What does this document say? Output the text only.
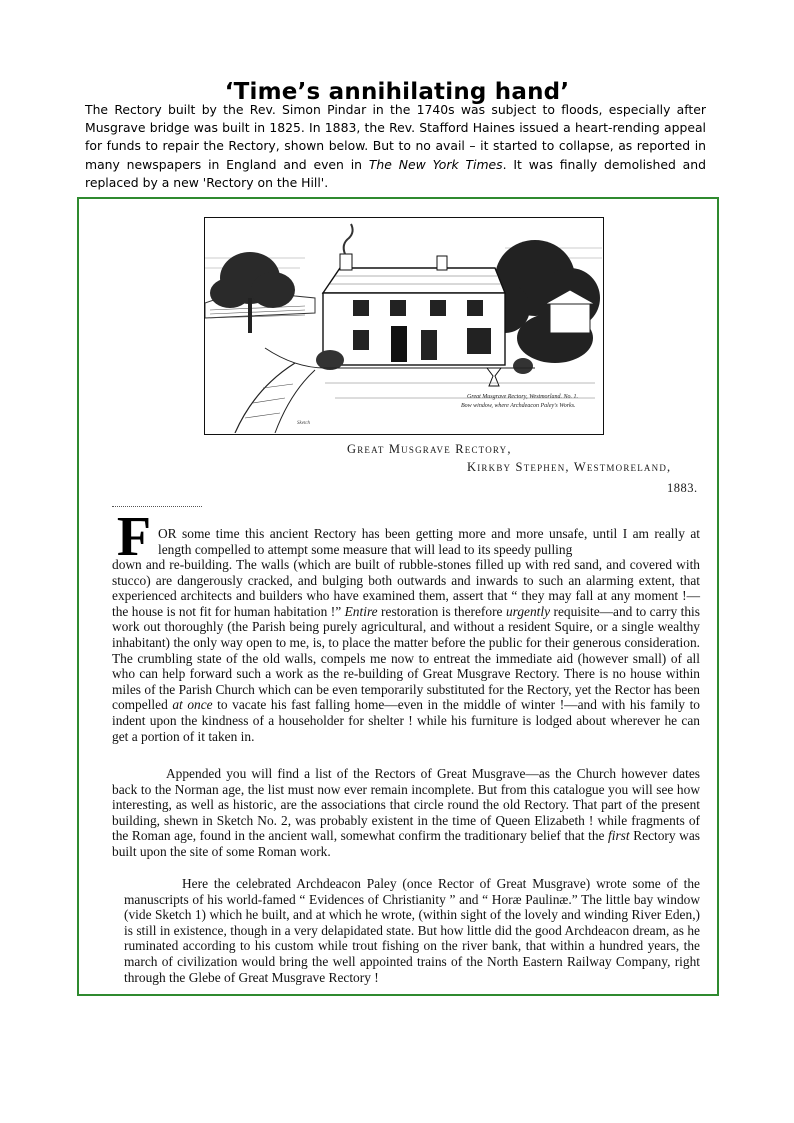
‘Time’s annihilating hand’

The Rectory built by the Rev. Simon Pindar in the 1740s was subject to floods, especially after Musgrave bridge was built in 1825. In 1883, the Rev. Stafford Haines issued a heart-rending appeal for funds to repair the Rectory, shown below. But to no avail – it started to collapse, as reported in many newspapers in England and even in The New York Times. It was finally demolished and replaced by a new 'Rectory on the Hill'.

Great Musgrave Rectory, Westmorland. No. 1.
Bow window, where Archdeacon Paley's Works.
Sketch
Great Musgrave Rectory,
Kirkby Stephen, Westmoreland,
1883.
F OR some time this ancient Rectory has been getting more and more unsafe, until I am really at length compelled to attempt some measure that will lead to its speedy pulling

down and re-building. The walls (which are built of rubble-stones filled up with red sand, and covered with stucco) are dangerously cracked, and bulging both outwards and inwards to such an alarming extent, that experienced architects and builders who have examined them, assert that “ they may fall at any moment !—the house is not fit for human habitation !” Entire restoration is therefore urgently requisite—and to carry this work out thoroughly (the Parish being purely agricultural, and without a resident Squire, or a single wealthy inhabitant) the only way open to me, is, to place the matter before the public for their generous consideration. The crumbling state of the old walls, compels me now to entreat the immediate aid (however small) of all who can help forward such a work as the re-building of Great Musgrave Rectory. There is no house within miles of the Parish Church which can be even temporarily substituted for the Rectory, yet the Rector has been compelled at once to vacate his fast falling home—even in the middle of winter !—and with his family to indent upon the kindness of a householder for shelter ! while his furniture is lodged about wherever he can get a portion of it taken in.

Appended you will find a list of the Rectors of Great Musgrave—as the Church however dates back to the Norman age, the list must now ever remain incomplete. But from this catalogue you will see how interesting, as well as historic, are the associations that circle round the old Rectory. That part of the present building, shewn in Sketch No. 2, was probably existent in the time of Queen Elizabeth ! while fragments of the Roman age, found in the ancient wall, somewhat confirm the traditionary belief that the first Rectory was built upon the site of some Roman work.

Here the celebrated Archdeacon Paley (once Rector of Great Musgrave) wrote some of the manuscripts of his world-famed “ Evidences of Christianity ” and “ Horæ Paulinæ.” The little bay window (vide Sketch 1) which he built, and at which he wrote, (within sight of the lovely and winding River Eden,) is still in existence, though in a very delapidated state. But how little did the good Archdeacon dream, as he ruminated according to his custom while trout fishing on the river bank, that within a hundred years, the march of civilization would bring the well appointed trains of the North Eastern Railway Company, right through the Glebe of Great Musgrave Rectory !
